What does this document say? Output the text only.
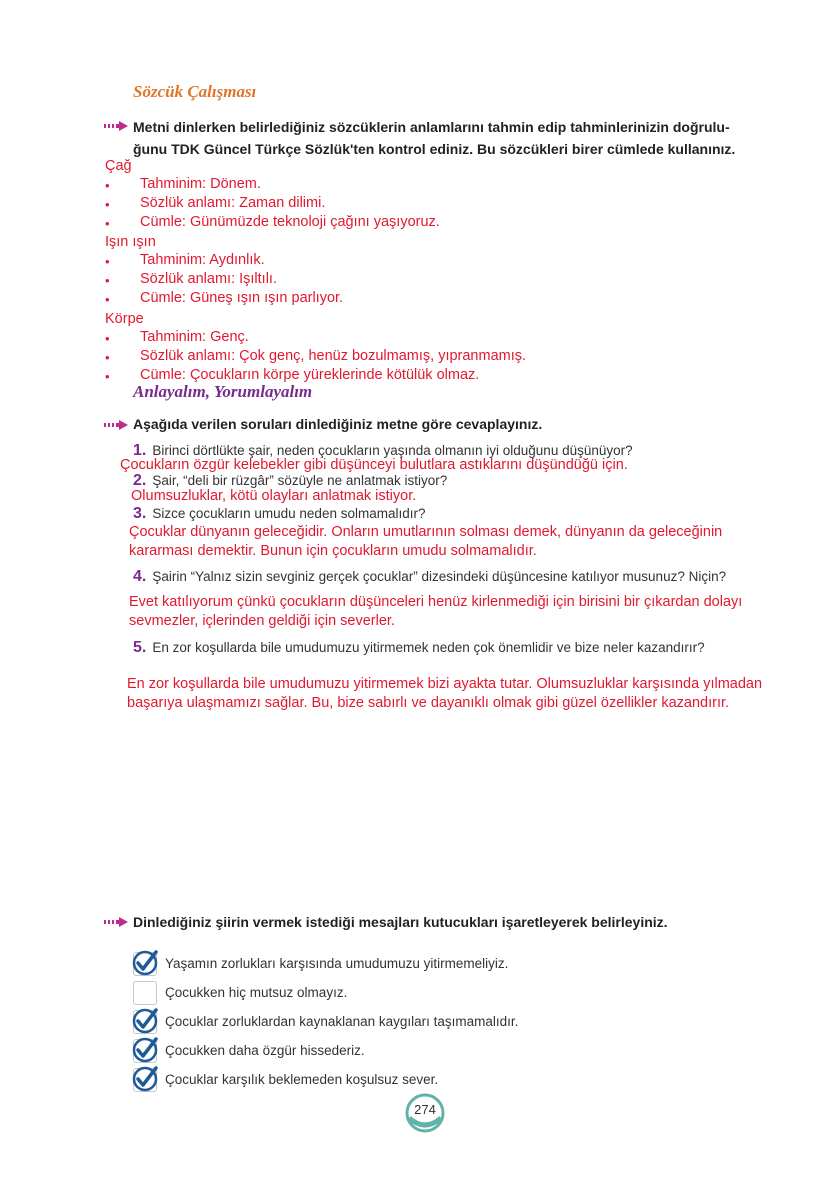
Sözcük Çalışması
Metni dinlerken belirlediğiniz sözcüklerin anlamlarını tahmin edip tahminlerinizin doğrulu-
ğunu TDK Güncel Türkçe Sözlük'ten kontrol ediniz. Bu sözcükleri birer cümlede kullanınız.
Çağ
• Tahminim: Dönem.
• Sözlük anlamı: Zaman dilimi.
• Cümle: Günümüzde teknoloji çağını yaşıyoruz.
Işın ışın
• Tahminim: Aydınlık.
• Sözlük anlamı: Işıltılı.
• Cümle: Güneş ışın ışın parlıyor.
Körpe
• Tahminim: Genç.
• Sözlük anlamı: Çok genç, henüz bozulmamış, yıpranmamış.
• Cümle: Çocukların körpe yüreklerinde kötülük olmaz.
Anlayalım, Yorumlayalım
Aşağıda verilen soruları dinlediğiniz metne göre cevaplayınız.
1. Birinci dörtlükte şair, neden çocukların yaşında olmanın iyi olduğunu düşünüyor?
Çocukların özgür kelebekler gibi düşünceyi bulutlara astıklarını düşündüğü için.
2. Şair, “deli bir rüzgâr” sözüyle ne anlatmak istiyor?
Olumsuzluklar, kötü olayları anlatmak istiyor.
3. Sizce çocukların umudu neden solmamalıdır?
Çocuklar dünyanın geleceğidir. Onların umutlarının solması demek, dünyanın da geleceğinin
kararması demektir. Bunun için çocukların umudu solmamalıdır.
4. Şairin “Yalnız sizin sevginiz gerçek çocuklar” dizesindeki düşüncesine katılıyor musunuz? Niçin?
Evet katılıyorum çünkü çocukların düşünceleri henüz kirlenmediği için birisini bir çıkardan dolayı
sevmezler, içlerinden geldiği için severler.
5. En zor koşullarda bile umudumuzu yitirmemek neden çok önemlidir ve bize neler kazandırır?
En zor koşullarda bile umudumuzu yitirmemek bizi ayakta tutar. Olumsuzluklar karşısında yılmadan
başarıya ulaşmamızı sağlar. Bu, bize sabırlı ve dayanıklı olmak gibi güzel özellikler kazandırır.
Dinlediğiniz şiirin vermek istediği mesajları kutucukları işaretleyerek belirleyiniz.
Yaşamın zorlukları karşısında umudumuzu yitirmemeliyiz.
Çocukken hiç mutsuz olmayız.
Çocuklar zorluklardan kaynaklanan kaygıları taşımamalıdır.
Çocukken daha özgür hissederiz.
Çocuklar karşılık beklemeden koşulsuz sever.
274
